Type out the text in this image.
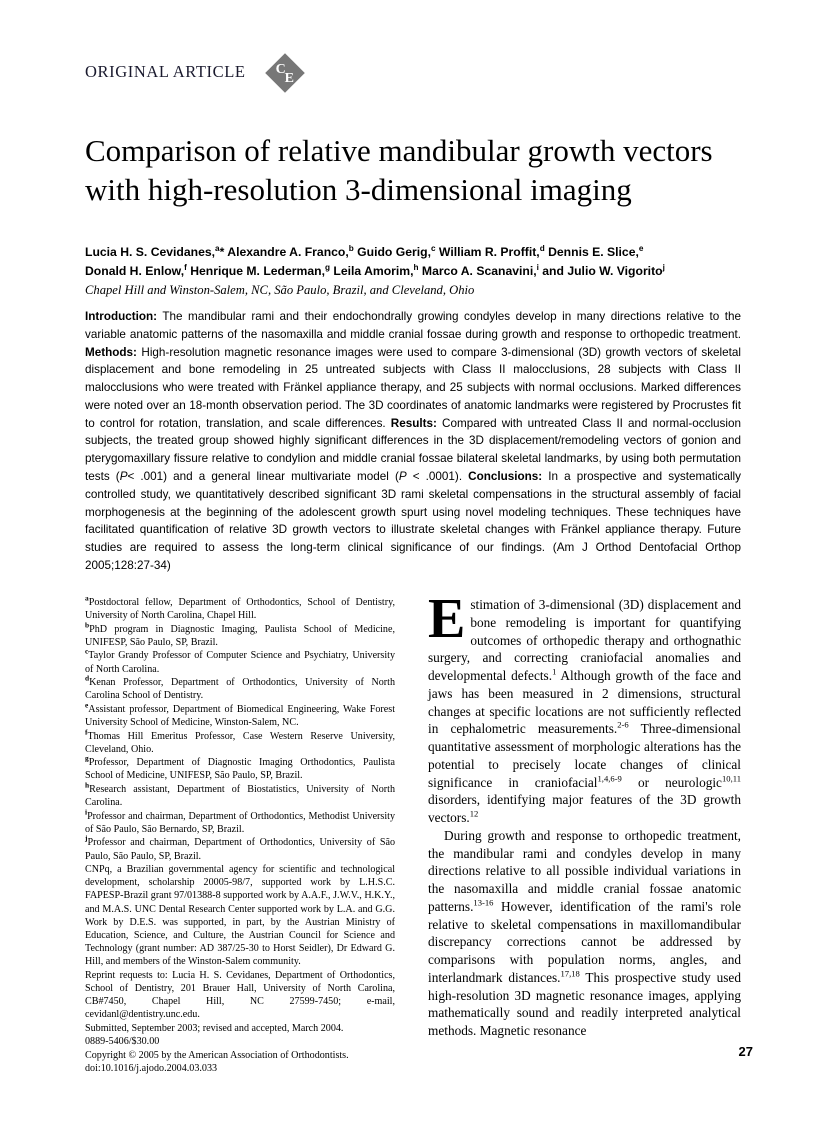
ORIGINAL ARTICLE C
E
Comparison of relative mandibular growth vectors with high-resolution 3-dimensional imaging
Lucia H. S. Cevidanes,$^a$* Alexandre A. Franco,$^b$ Guido Gerig,$^c$ William R. Proffit,$^d$ Dennis E. Slice,$^e$
Donald H. Enlow,$^f$ Henrique M. Lederman,$^g$ Leila Amorim,$^h$ Marco A. Scanavini,$^i$ and Julio W. Vigorito$^j$
Chapel Hill and Winston-Salem, NC, São Paulo, Brazil, and Cleveland, Ohio
Introduction: The mandibular rami and their endochondrally growing condyles develop in many directions relative to the variable anatomic patterns of the nasomaxilla and middle cranial fossae during growth and response to orthopedic treatment. Methods: High-resolution magnetic resonance images were used to compare 3-dimensional (3D) growth vectors of skeletal displacement and bone remodeling in 25 untreated subjects with Class II malocclusions, 28 subjects with Class II malocclusions who were treated with Fränkel appliance therapy, and 25 subjects with normal occlusions. Marked differences were noted over an 18-month observation period. The 3D coordinates of anatomic landmarks were registered by Procrustes fit to control for rotation, translation, and scale differences. Results: Compared with untreated Class II and normal-occlusion subjects, the treated group showed highly significant differences in the 3D displacement/remodeling vectors of gonion and pterygomaxillary fissure relative to condylion and middle cranial fossae bilateral skeletal landmarks, by using both permutation tests (P< .001) and a general linear multivariate model (P < .0001). Conclusions: In a prospective and systematically controlled study, we quantitatively described significant 3D rami skeletal compensations in the structural assembly of facial morphogenesis at the beginning of the adolescent growth spurt using novel modeling techniques. These techniques have facilitated quantification of relative 3D growth vectors to illustrate skeletal changes with Fränkel appliance therapy. Future studies are required to assess the long-term clinical significance of our findings. (Am J Orthod Dentofacial Orthop 2005;128:27-34)

$^a$Postdoctoral fellow, Department of Orthodontics, School of Dentistry, University of North Carolina, Chapel Hill.

$^b$PhD program in Diagnostic Imaging, Paulista School of Medicine, UNIFESP, São Paulo, SP, Brazil.

$^c$Taylor Grandy Professor of Computer Science and Psychiatry, University of North Carolina.

$^d$Kenan Professor, Department of Orthodontics, University of North Carolina School of Dentistry.

$^e$Assistant professor, Department of Biomedical Engineering, Wake Forest University School of Medicine, Winston-Salem, NC.

$^f$Thomas Hill Emeritus Professor, Case Western Reserve University, Cleveland, Ohio.

$^g$Professor, Department of Diagnostic Imaging Orthodontics, Paulista School of Medicine, UNIFESP, São Paulo, SP, Brazil.

$^h$Research assistant, Department of Biostatistics, University of North Carolina.

$^i$Professor and chairman, Department of Orthodontics, Methodist University of São Paulo, São Bernardo, SP, Brazil.

$^j$Professor and chairman, Department of Orthodontics, University of São Paulo, São Paulo, SP, Brazil.

CNPq, a Brazilian governmental agency for scientific and technological development, scholarship 20005-98/7, supported work by L.H.S.C. FAPESP-Brazil grant 97/01388-8 supported work by A.A.F., J.W.V., H.K.Y., and M.A.S. UNC Dental Research Center supported work by L.A. and G.G. Work by D.E.S. was supported, in part, by the Austrian Ministry of Education, Science, and Culture, the Austrian Council for Science and Technology (grant number: AD 387/25-30 to Horst Seidler), Dr Edward G. Hill, and members of the Winston-Salem community.

Reprint requests to: Lucia H. S. Cevidanes, Department of Orthodontics, School of Dentistry, 201 Brauer Hall, University of North Carolina, CB#7450, Chapel Hill, NC 27599-7450; e-mail, cevidanl@dentistry.unc.edu.

Submitted, September 2003; revised and accepted, March 2004.

0889-5406/$30.00

Copyright © 2005 by the American Association of Orthodontists.

doi:10.1016/j.ajodo.2004.03.033

Estimation of 3-dimensional (3D) displacement and bone remodeling is important for quantifying outcomes of orthopedic therapy and orthognathic surgery, and correcting craniofacial anomalies and developmental defects.$^1$ Although growth of the face and jaws has been measured in 2 dimensions, structural changes at specific locations are not sufficiently reflected in cephalometric measurements.$^{2-6}$ Three-dimensional quantitative assessment of morphologic alterations has the potential to precisely locate changes of clinical significance in craniofacial$^{1,4,6-9}$ or neurologic$^{10,11}$ disorders, identifying major features of the 3D growth vectors.$^{12}$

During growth and response to orthopedic treatment, the mandibular rami and condyles develop in many directions relative to all possible individual variations in the nasomaxilla and middle cranial fossae anatomic patterns.$^{13-16}$ However, identification of the rami's role relative to skeletal compensations in maxillomandibular discrepancy corrections cannot be addressed by comparisons with population norms, angles, and interlandmark distances.$^{17,18}$ This prospective study used high-resolution 3D magnetic resonance images, applying mathematically sound and readily interpreted analytical methods. Magnetic resonance

27
